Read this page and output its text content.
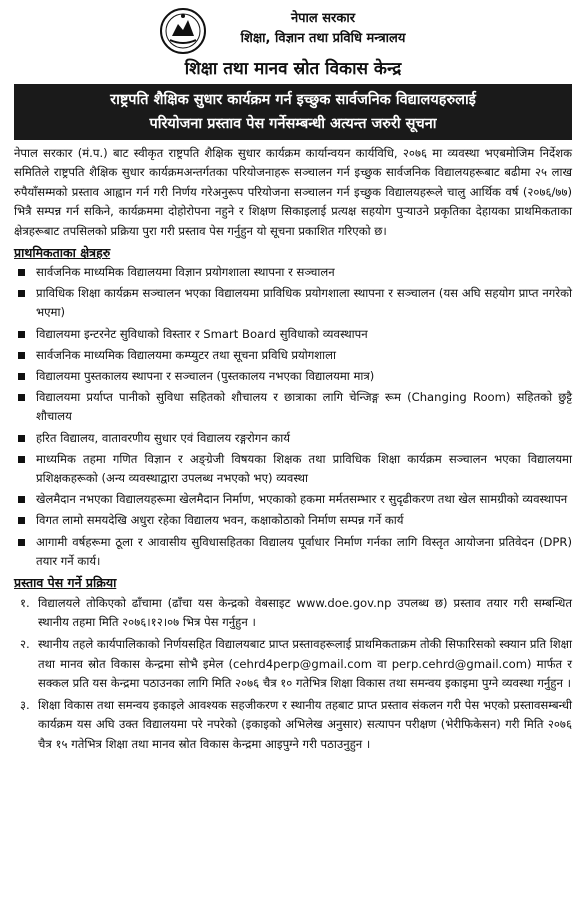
नेपाल सरकार
शिक्षा, विज्ञान तथा प्रविधि मन्त्रालय
शिक्षा तथा मानव स्रोत विकास केन्द्र
राष्ट्रपति शैक्षिक सुधार कार्यक्रम गर्न इच्छुक सार्वजनिक विद्यालयहरुलाई
परियोजना प्रस्ताव पेस गर्नेसम्बन्धी अत्यन्त जरुरी सूचना

नेपाल सरकार (मं.प.) बाट स्वीकृत राष्ट्रपति शैक्षिक सुधार कार्यक्रम कार्यान्वयन कार्यविधि, २०७६ मा व्यवस्था भएबमोजिम निर्देशक समितिले राष्ट्रपति शैक्षिक सुधार कार्यक्रमअन्तर्गतका परियोजनाहरू सञ्चालन गर्न इच्छुक सार्वजनिक विद्यालयहरूबाट बढीमा २५ लाख रुपैयाँसम्मको प्रस्ताव आह्वान गर्न गरी निर्णय गरेअनुरूप परियोजना सञ्चालन गर्न इच्छुक विद्यालयहरूले चालु आर्थिक वर्ष (२०७६/७७) भित्रै सम्पन्न गर्न सकिने, कार्यक्रममा दोहोरोपना नहुने र शिक्षण सिकाइलाई प्रत्यक्ष सहयोग पुऱ्याउने प्रकृतिका देहायका प्राथमिकताका क्षेत्रहरूबाट तपसिलको प्रक्रिया पुरा गरी प्रस्ताव पेस गर्नुहुन यो सूचना प्रकाशित गरिएको छ।

प्राथमिकताका क्षेत्रहरु
सार्वजनिक माध्यमिक विद्यालयमा विज्ञान प्रयोगशाला स्थापना र सञ्चालन
प्राविधिक शिक्षा कार्यक्रम सञ्चालन भएका विद्यालयमा प्राविधिक प्रयोगशाला स्थापना र सञ्चालन (यस अघि सहयोग प्राप्त नगरेको भएमा)
विद्यालयमा इन्टरनेट सुविधाको विस्तार र Smart Board सुविधाको व्यवस्थापन
सार्वजनिक माध्यमिक विद्यालयमा कम्प्युटर तथा सूचना प्रविधि प्रयोगशाला
विद्यालयमा पुस्तकालय स्थापना र सञ्चालन (पुस्तकालय नभएका विद्यालयमा मात्र)
विद्यालयमा प्रर्याप्त पानीको सुविधा सहितको शौचालय र छात्राका लागि चेन्जिङ्ग रूम (Changing Room) सहितको छुट्टै शौचालय
हरित विद्यालय, वातावरणीय सुधार एवं विद्यालय रङ्गरोगन कार्य
माध्यमिक तहमा गणित विज्ञान र अङ्ग्रेजी विषयका शिक्षक तथा प्राविधिक शिक्षा कार्यक्रम सञ्चालन भएका विद्यालयमा प्रशिक्षकहरूको (अन्य व्यवस्थाद्वारा उपलब्ध नभएको भए) व्यवस्था
खेलमैदान नभएका विद्यालयहरूमा खेलमैदान निर्माण, भएकाको हकमा मर्मतसम्भार र सुदृढीकरण तथा खेल सामग्रीको व्यवस्थापन
विगत लामो समयदेखि अधुरा रहेका विद्यालय भवन, कक्षाकोठाको निर्माण सम्पन्न गर्ने कार्य
आगामी वर्षहरूमा ठूला र आवासीय सुविधासहितका विद्यालय पूर्वाधार निर्माण गर्नका लागि विस्तृत आयोजना प्रतिवेदन (DPR) तयार गर्ने कार्य।
प्रस्ताव पेस गर्ने प्रक्रिया
१. विद्यालयले तोकिएको ढाँचामा (ढाँचा यस केन्द्रको वेबसाइट www.doe.gov.np उपलब्ध छ) प्रस्ताव तयार गरी सम्बन्धित स्थानीय तहमा मिति २०७६।१२।०७ भित्र पेस गर्नुहुन ।
२. स्थानीय तहले कार्यपालिकाको निर्णयसहित विद्यालयबाट प्राप्त प्रस्तावहरूलाई प्राथमिकताक्रम तोकी सिफारिसको स्क्यान प्रति शिक्षा तथा मानव स्रोत विकास केन्द्रमा सोभै इमेल (cehrd4perp@gmail.com वा perp.cehrd@gmail.com) मार्फत र सक्कल प्रति यस केन्द्रमा पठाउनका लागि मिति २०७६ चैत्र १० गतेभित्र शिक्षा विकास तथा समन्वय इकाइमा पुग्ने व्यवस्था गर्नुहुन ।
३. शिक्षा विकास तथा समन्वय इकाइले आवश्यक सहजीकरण र स्थानीय तहबाट प्राप्त प्रस्ताव संकलन गरी पेस भएको प्रस्तावसम्बन्धी कार्यक्रम यस अघि उक्त विद्यालयमा परे नपरेको (इकाइको अभिलेख अनुसार) सत्यापन परीक्षण (भेरीफिकेसन) गरी मिति २०७६ चैत्र १५ गतेभित्र शिक्षा तथा मानव स्रोत विकास केन्द्रमा आइपुग्ने गरी पठाउनुहुन ।
